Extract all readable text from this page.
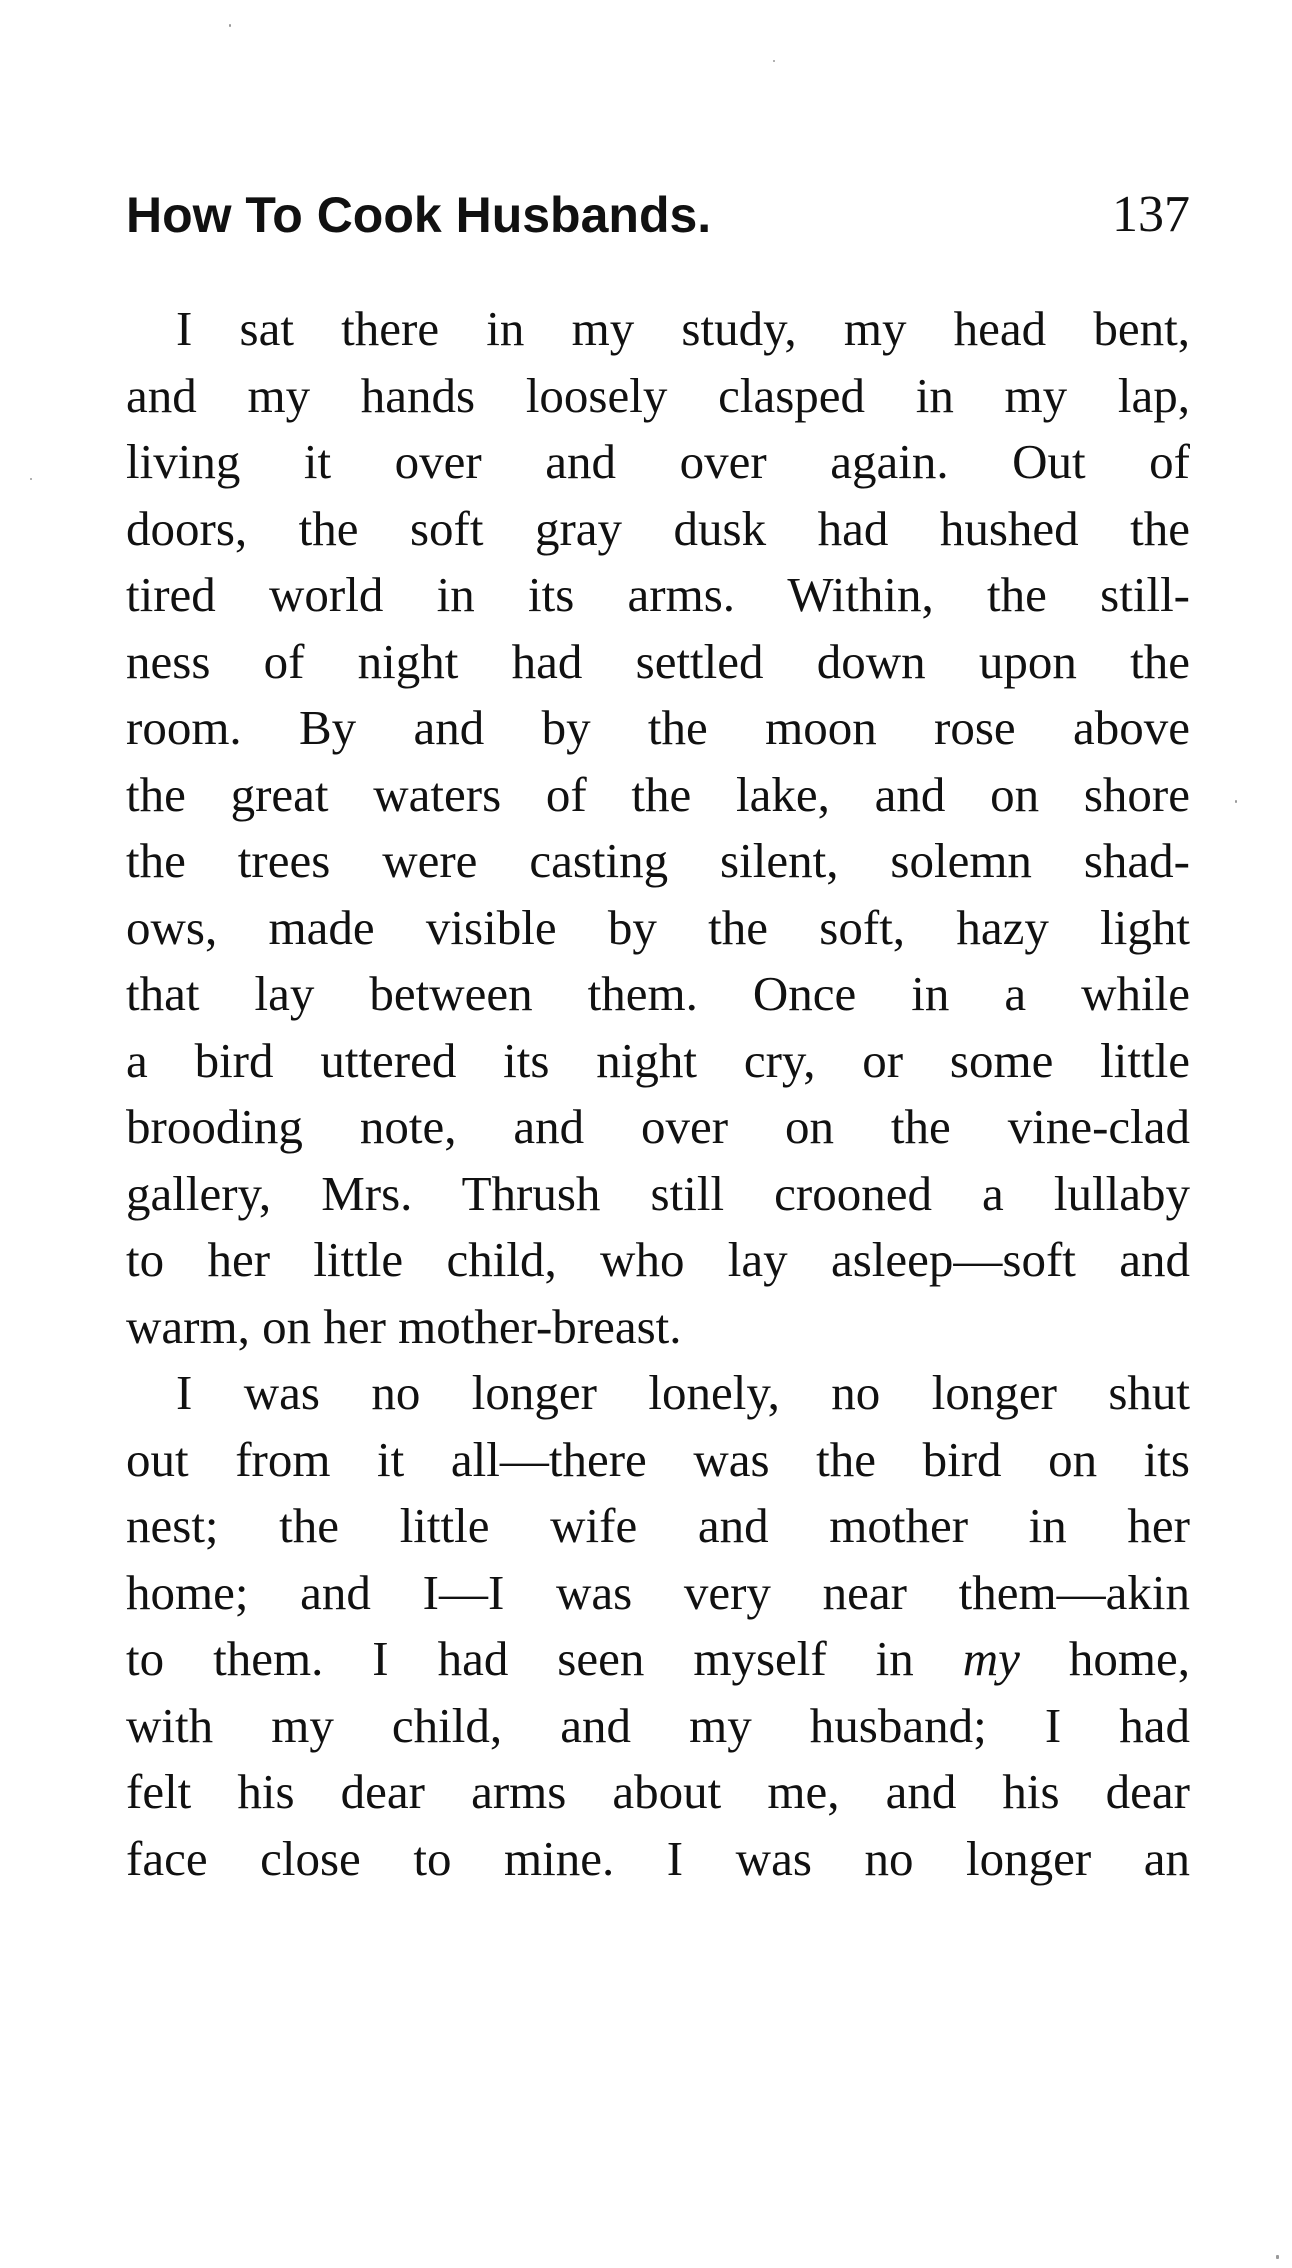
How To Cook Husbands.	137
I sat there in my study, my head bent,
and my hands loosely clasped in my lap,
living it over and over again. Out of
doors, the soft gray dusk had hushed the
tired world in its arms. Within, the still-
ness of night had settled down upon the
room. By and by the moon rose above
the great waters of the lake, and on shore
the trees were casting silent, solemn shad-
ows, made visible by the soft, hazy light
that lay between them. Once in a while
a bird uttered its night cry, or some little
brooding note, and over on the vine-clad
gallery, Mrs. Thrush still crooned a lullaby
to her little child, who lay asleep—soft and
warm, on her mother-breast.
I was no longer lonely, no longer shut
out from it all—there was the bird on its
nest; the little wife and mother in her
home; and I—I was very near them—akin
to them. I had seen myself in my home,
with my child, and my husband; I had
felt his dear arms about me, and his dear
face close to mine. I was no longer an
